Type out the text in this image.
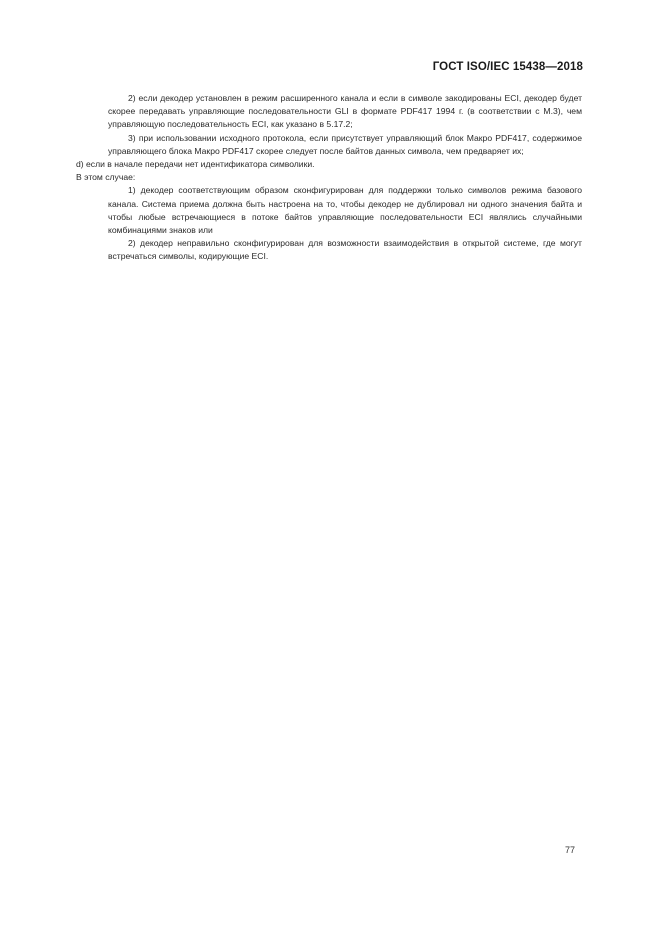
ГОСТ ISO/IEC 15438—2018

2) если декодер установлен в режим расширенного канала и если в символе закодированы ECI, декодер будет скорее передавать управляющие последовательности GLI в формате PDF417 1994 г. (в соответствии с М.3), чем управляющую последовательность ECI, как указано в 5.17.2;

3) при использовании исходного протокола, если присутствует управляющий блок Макро PDF417, содержимое управляющего блока Макро PDF417 скорее следует после байтов данных символа, чем предваряет их;

d) если в начале передачи нет идентификатора символики.

В этом случае:

1) декодер соответствующим образом сконфигурирован для поддержки только символов режима базового канала. Система приема должна быть настроена на то, чтобы декодер не дублировал ни одного значения байта и чтобы любые встречающиеся в потоке байтов управляющие последовательности ECI являлись случайными комбинациями знаков или

2) декодер неправильно сконфигурирован для возможности взаимодействия в открытой системе, где могут встречаться символы, кодирующие ECI.

77
